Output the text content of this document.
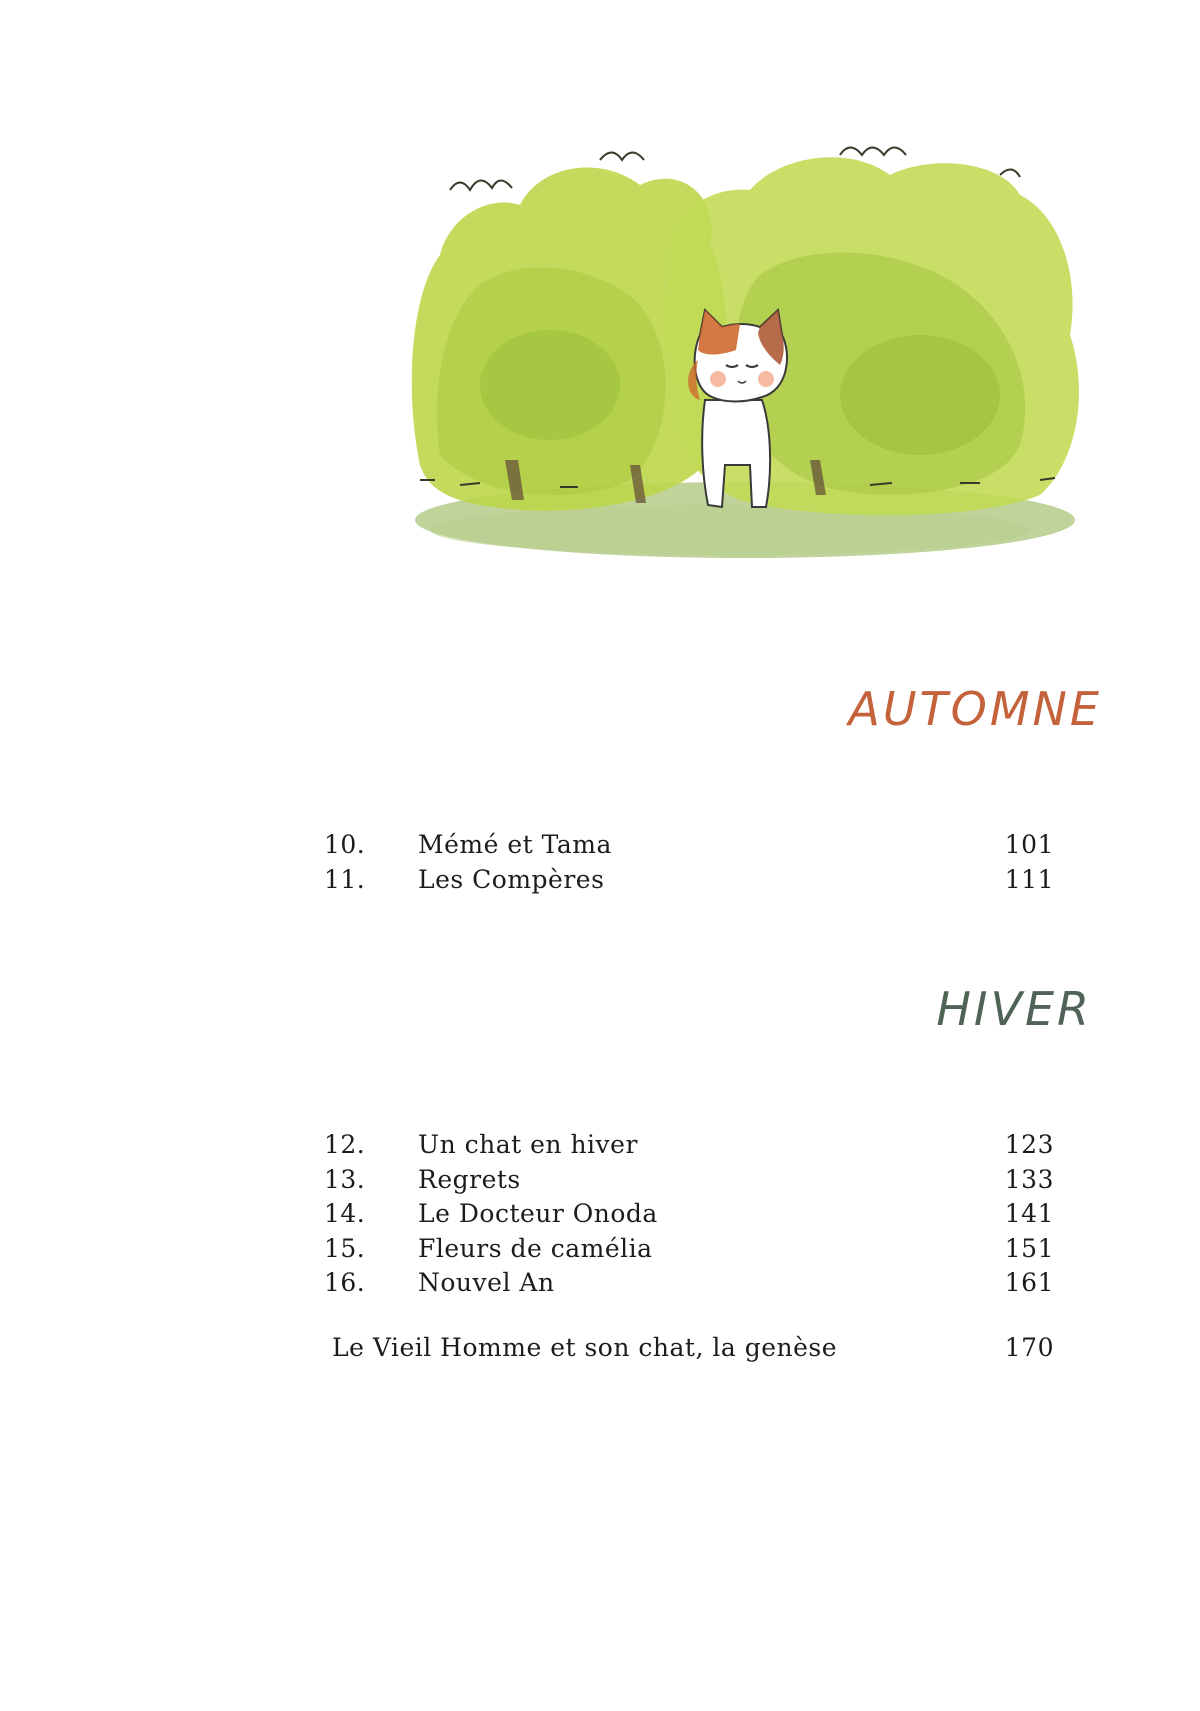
AUTOMNE
10.	Mémé et Tama	101
11.	Les Compères	111
HIVER
12.	Un chat en hiver	123
13.	Regrets	133
14.	Le Docteur Onoda	141
15.	Fleurs de camélia	151
16.	Nouvel An	161
Le Vieil Homme et son chat, la genèse	170
